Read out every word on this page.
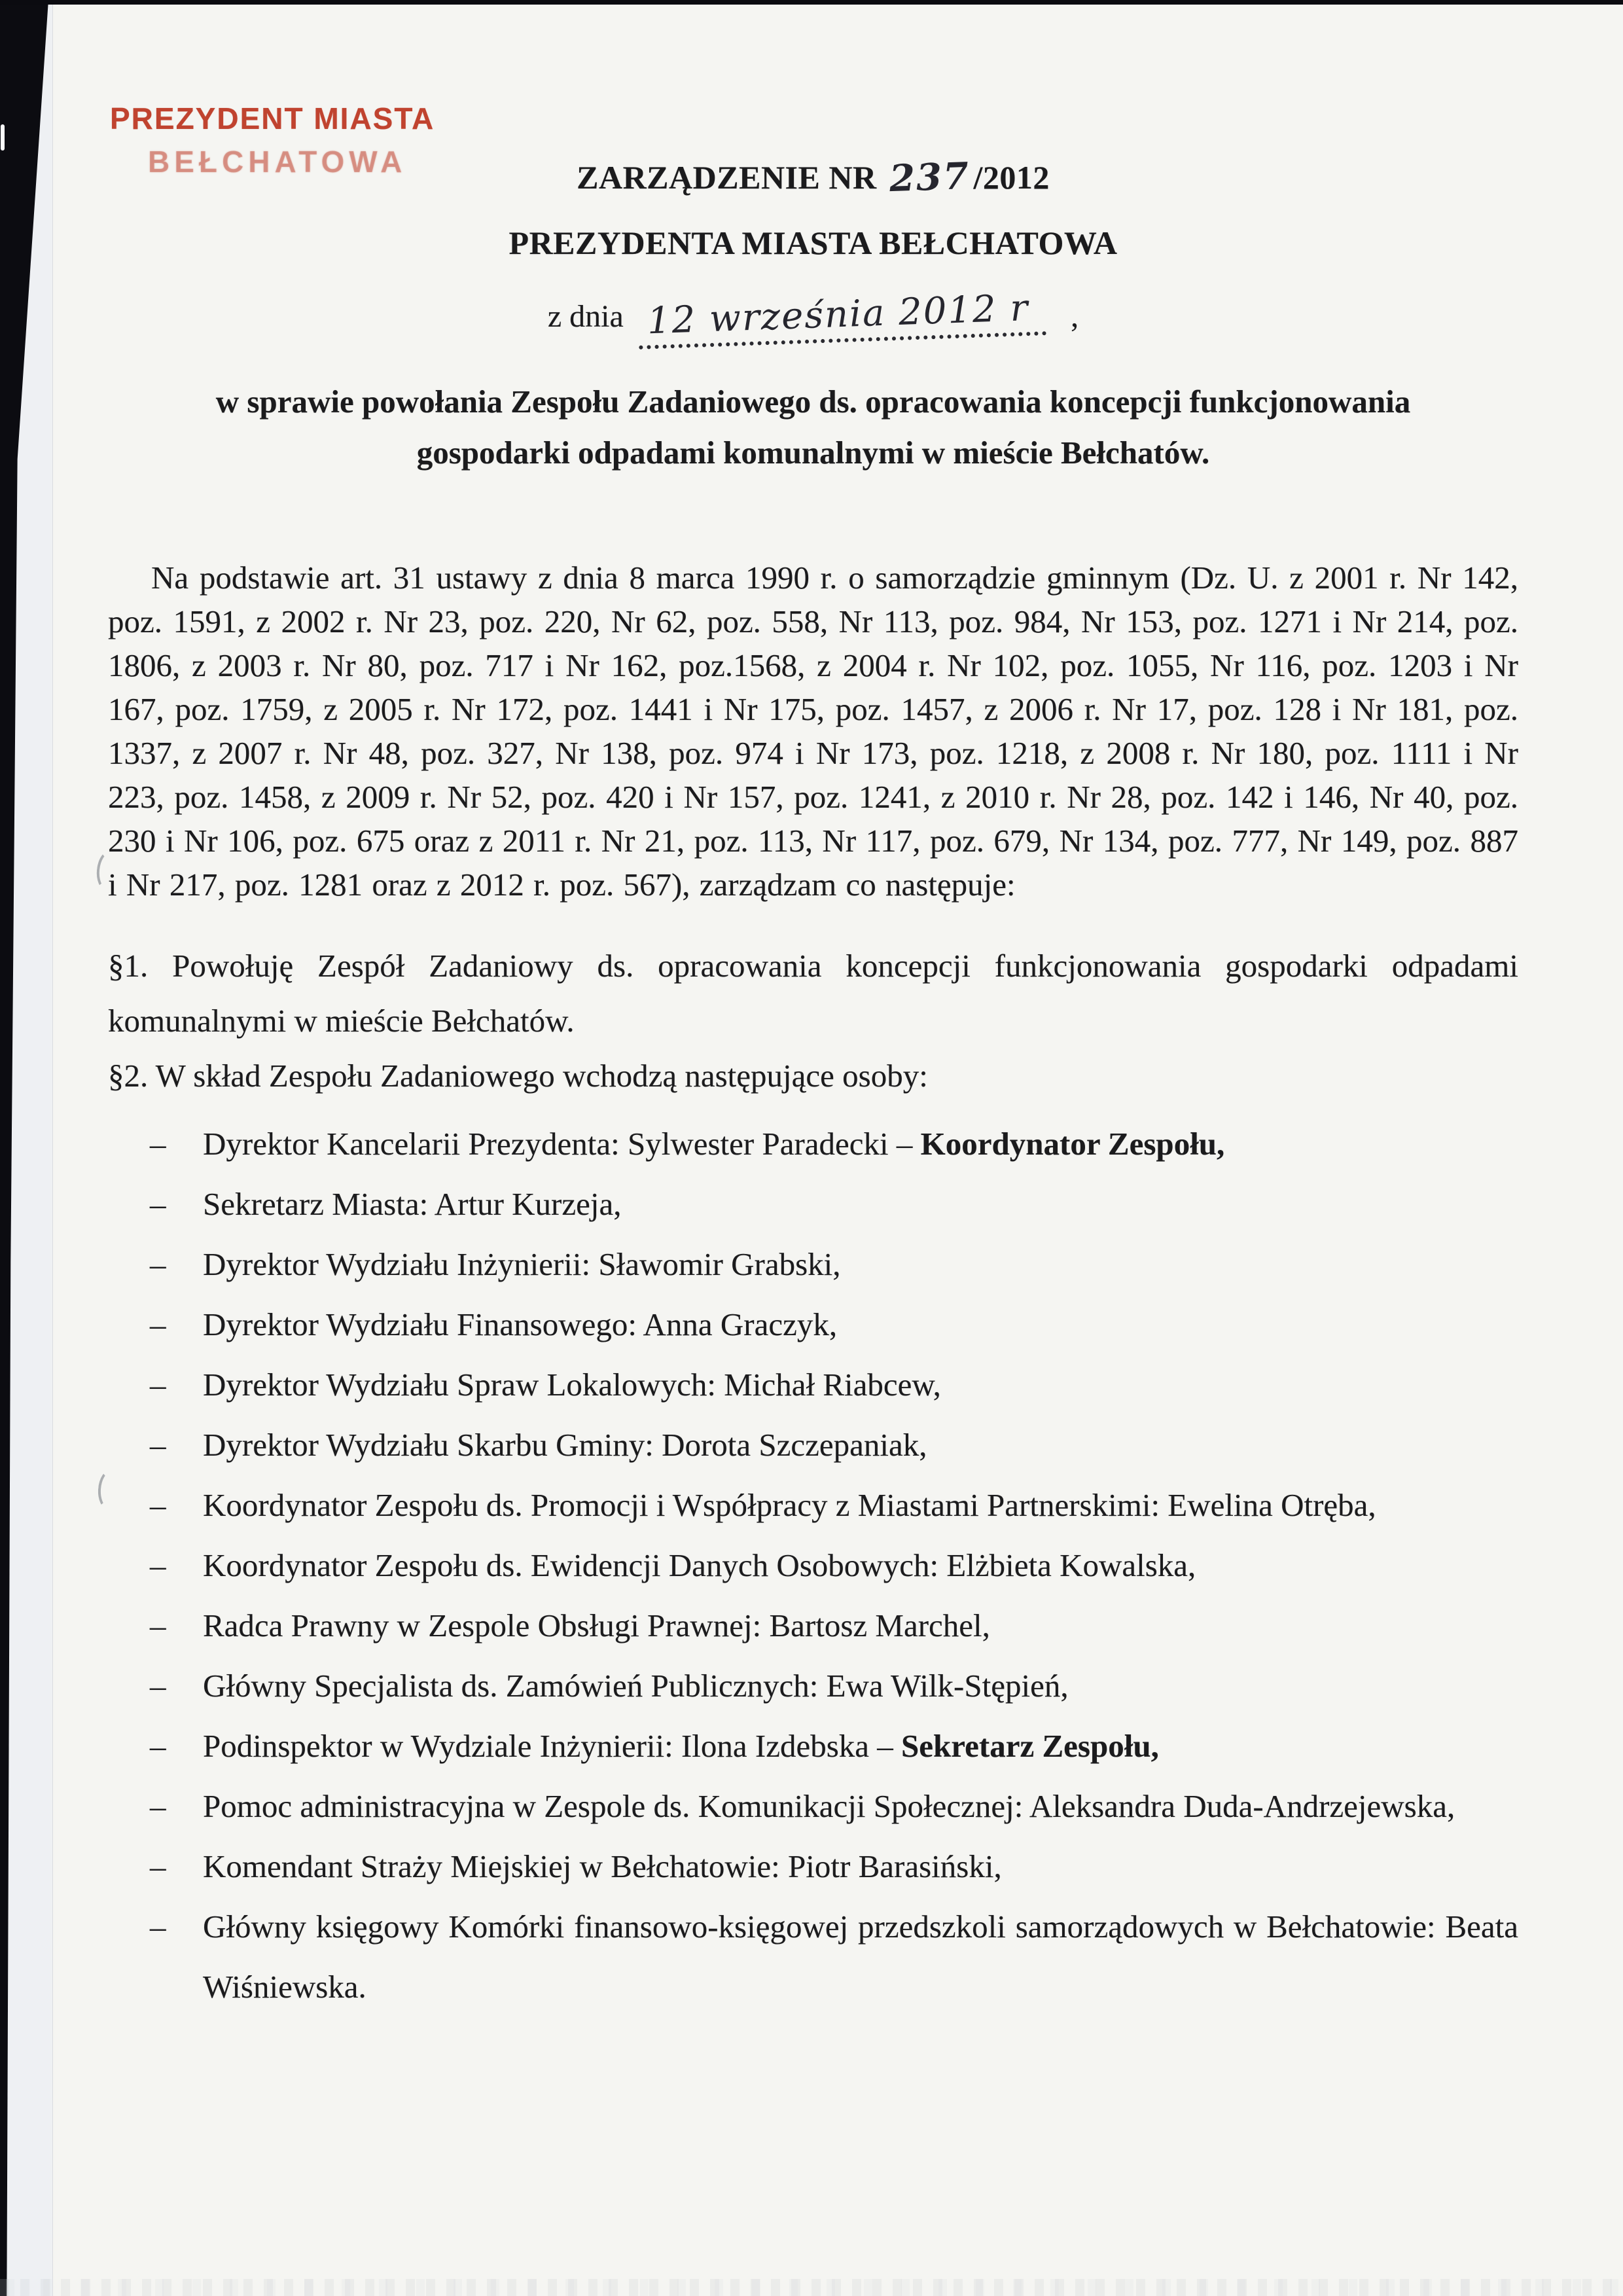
PREZYDENT MIASTA
BEŁCHATOWA	ZARZĄDZENIE NR 237/2012
PREZYDENTA MIASTA BEŁCHATOWA
z dnia 12 września 2012 r ,
w sprawie powołania Zespołu Zadaniowego ds. opracowania koncepcji funkcjonowania
gospodarki odpadami komunalnymi w mieście Bełchatów.

Na podstawie art. 31 ustawy z dnia 8 marca 1990 r. o samorządzie gminnym (Dz. U. z 2001 r. Nr 142, poz. 1591, z 2002 r. Nr 23, poz. 220, Nr 62, poz. 558, Nr 113, poz. 984, Nr 153, poz. 1271 i Nr 214, poz. 1806, z 2003 r. Nr 80, poz. 717 i Nr 162, poz.1568, z 2004 r. Nr 102, poz. 1055, Nr 116, poz. 1203 i Nr 167, poz. 1759, z 2005 r. Nr 172, poz. 1441 i Nr 175, poz. 1457, z 2006 r. Nr 17, poz. 128 i Nr 181, poz. 1337, z 2007 r. Nr 48, poz. 327, Nr 138, poz. 974 i Nr 173, poz. 1218, z 2008 r. Nr 180, poz. 1111 i Nr 223, poz. 1458, z 2009 r. Nr 52, poz. 420 i Nr 157, poz. 1241, z 2010 r. Nr 28, poz. 142 i 146, Nr 40, poz. 230 i Nr 106, poz. 675 oraz z 2011 r. Nr 21, poz. 113, Nr 117, poz. 679, Nr 134, poz. 777, Nr 149, poz. 887 i Nr 217, poz. 1281 oraz z 2012 r. poz. 567), zarządzam co następuje:

§1. Powołuję Zespół Zadaniowy ds. opracowania koncepcji funkcjonowania gospodarki odpadami komunalnymi w mieście Bełchatów.

§2. W skład Zespołu Zadaniowego wchodzą następujące osoby:

– Dyrektor Kancelarii Prezydenta: Sylwester Paradecki – Koordynator Zespołu,
– Sekretarz Miasta: Artur Kurzeja,
– Dyrektor Wydziału Inżynierii: Sławomir Grabski,
– Dyrektor Wydziału Finansowego: Anna Graczyk,
– Dyrektor Wydziału Spraw Lokalowych: Michał Riabcew,
– Dyrektor Wydziału Skarbu Gminy: Dorota Szczepaniak,
– Koordynator Zespołu ds. Promocji i Współpracy z Miastami Partnerskimi: Ewelina Otręba,
– Koordynator Zespołu ds. Ewidencji Danych Osobowych: Elżbieta Kowalska,
– Radca Prawny w Zespole Obsługi Prawnej: Bartosz Marchel,
– Główny Specjalista ds. Zamówień Publicznych: Ewa Wilk-Stępień,
– Podinspektor w Wydziale Inżynierii: Ilona Izdebska – Sekretarz Zespołu,
– Pomoc administracyjna w Zespole ds. Komunikacji Społecznej: Aleksandra Duda-Andrzejewska,
– Komendant Straży Miejskiej w Bełchatowie: Piotr Barasiński,
– Główny księgowy Komórki finansowo-księgowej przedszkoli samorządowych w Bełchatowie: Beata Wiśniewska.
